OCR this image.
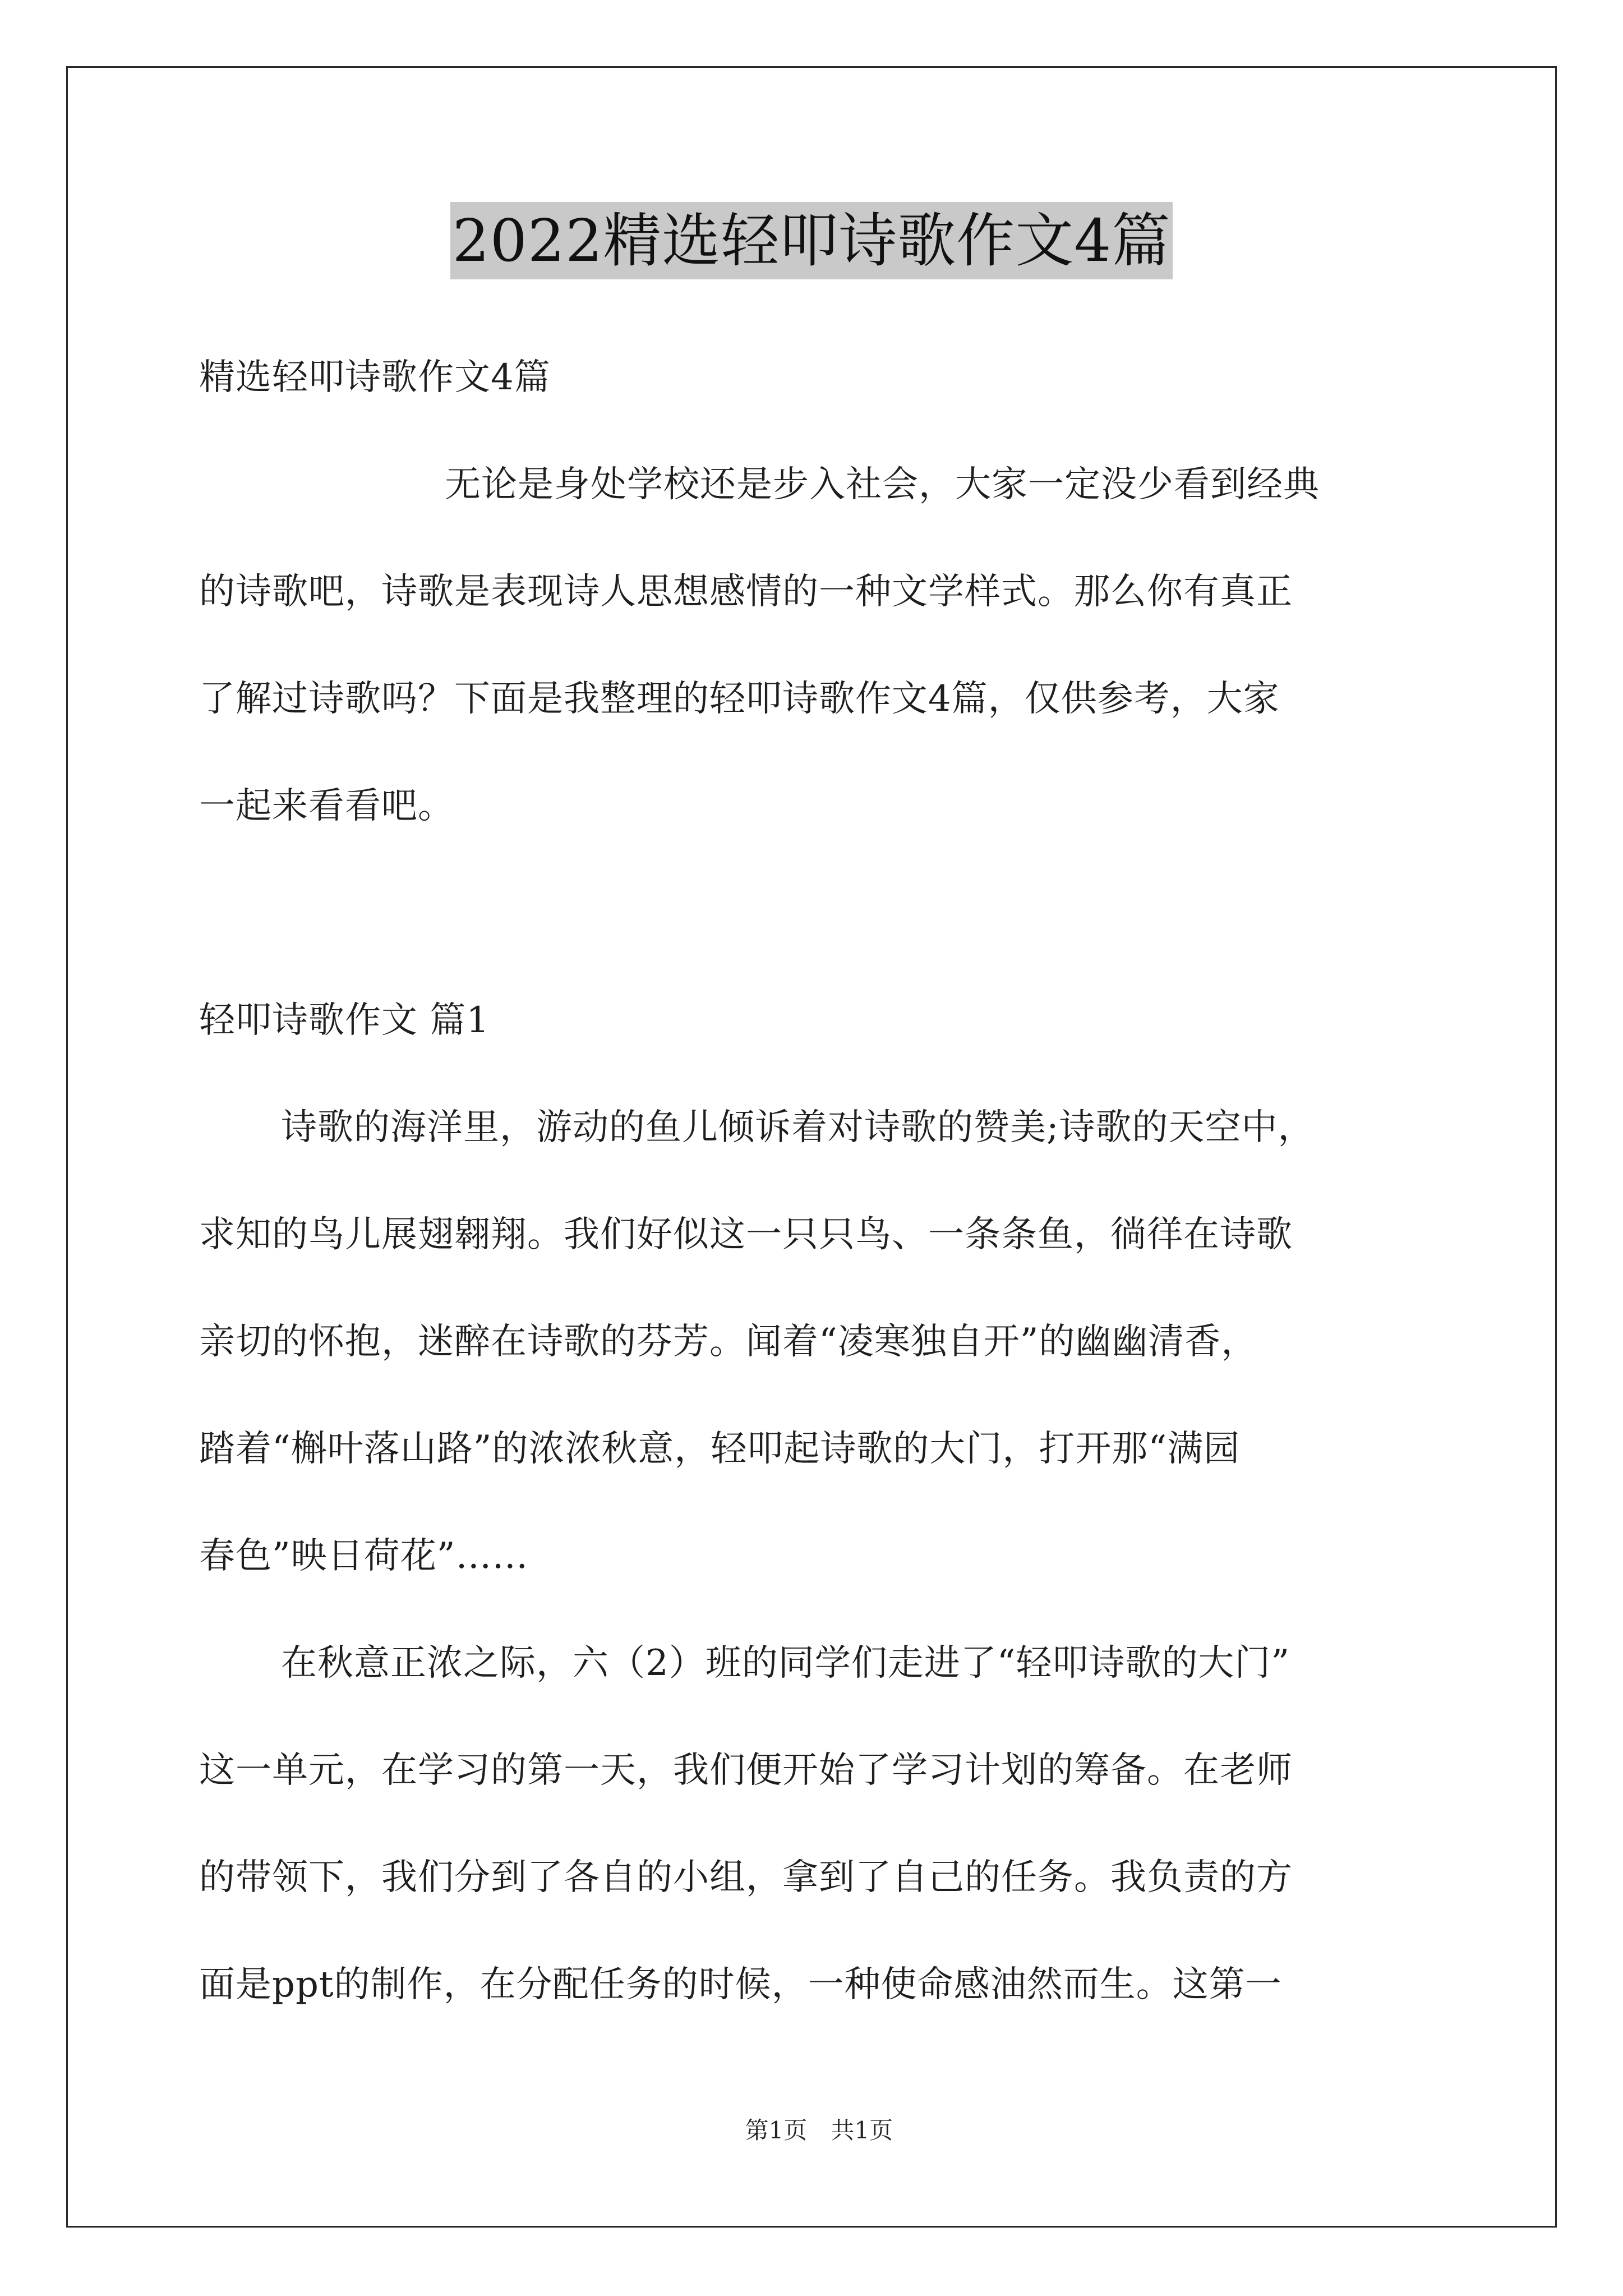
2022精选轻叩诗歌作文4篇
精选轻叩诗歌作文4篇
无论是身处学校还是步入社会，大家一定没少看到经典
的诗歌吧，诗歌是表现诗人思想感情的一种文学样式。那么你有真正
了解过诗歌吗？下面是我整理的轻叩诗歌作文4篇，仅供参考，大家
一起来看看吧。
轻叩诗歌作文 篇1
诗歌的海洋里，游动的鱼儿倾诉着对诗歌的赞美;诗歌的天空中，
求知的鸟儿展翅翱翔。我们好似这一只只鸟、一条条鱼，徜徉在诗歌
亲切的怀抱，迷醉在诗歌的芬芳。闻着“凌寒独自开”的幽幽清香，
踏着“槲叶落山路”的浓浓秋意，轻叩起诗歌的大门，打开那“满园
春色”映日荷花”……
在秋意正浓之际，六（2）班的同学们走进了“轻叩诗歌的大门”
这一单元，在学习的第一天，我们便开始了学习计划的筹备。在老师
的带领下，我们分到了各自的小组，拿到了自己的任务。我负责的方
面是ppt的制作，在分配任务的时候，一种使命感油然而生。这第一

第1页　共1页
